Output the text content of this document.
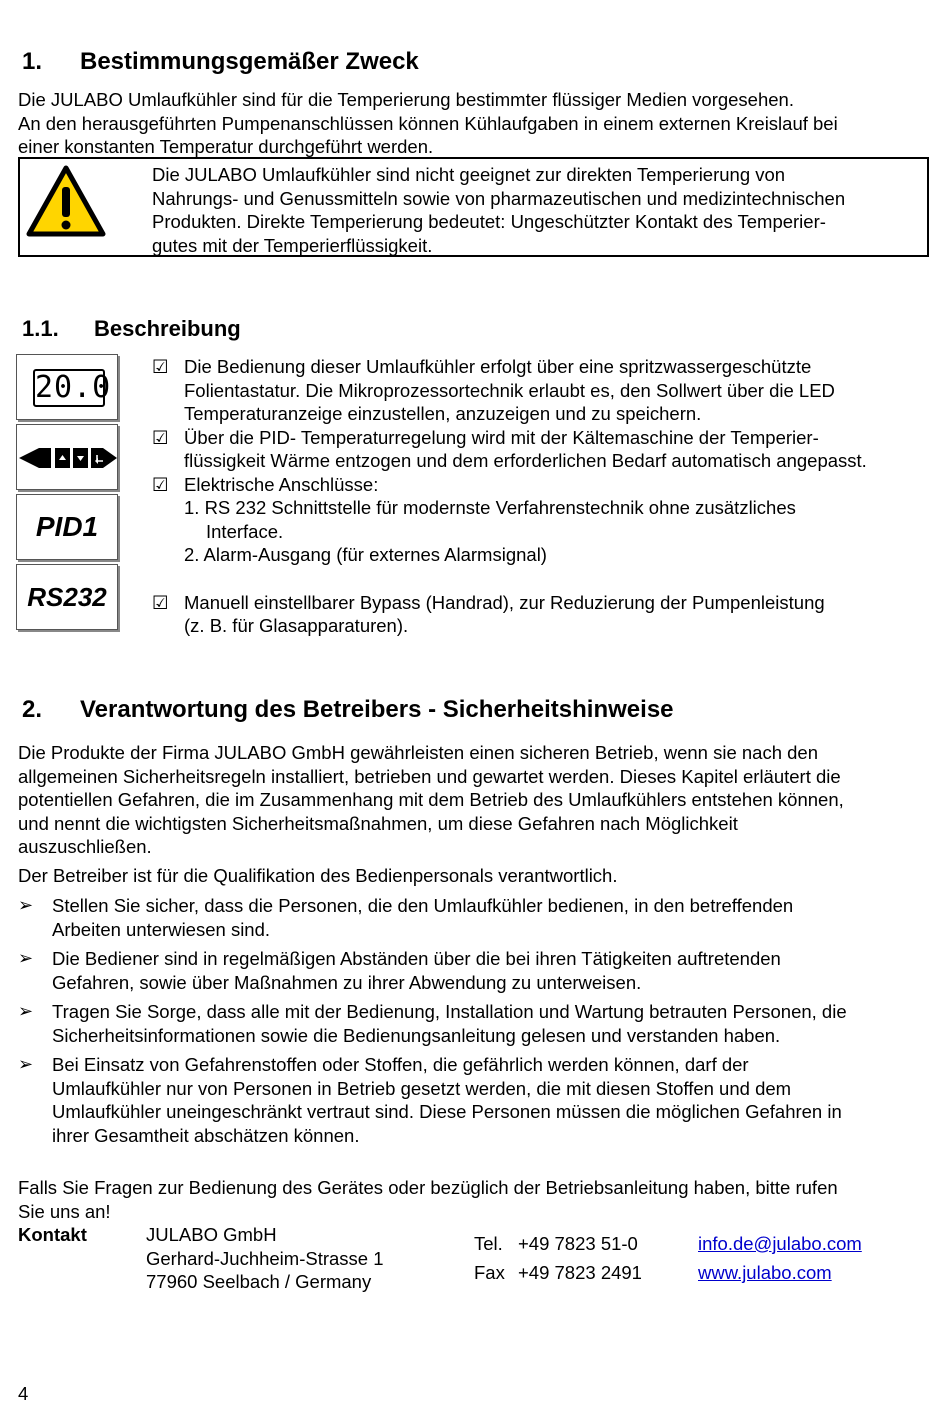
1. Bestimmungsgemäßer Zweck

Die JULABO Umlaufkühler sind für die Temperierung bestimmter flüssiger Medien vorgesehen.

An den herausgeführten Pumpenanschlüssen können Kühlaufgaben in einem externen Kreislauf bei

einer konstanten Temperatur durchgeführt werden.

Die JULABO Umlaufkühler sind nicht geeignet zur direkten Temperierung von

Nahrungs- und Genussmitteln sowie von pharmazeutischen und medizintechnischen

Produkten. Direkte Temperierung bedeutet: Ungeschützter Kontakt des Temperier-

gutes mit der Temperierflüssigkeit.

1.1. Beschreibung
20.0
PID1
RS232
☑ Die Bedienung dieser Umlaufkühler erfolgt über eine spritzwassergeschützte

Folientastatur. Die Mikroprozessortechnik erlaubt es, den Sollwert über die LED

Temperaturanzeige einzustellen, anzuzeigen und zu speichern.

☑ Über die PID- Temperaturregelung wird mit der Kältemaschine der Temperier-

flüssigkeit Wärme entzogen und dem erforderlichen Bedarf automatisch angepasst.

☑ Elektrische Anschlüsse:

1. RS 232 Schnittstelle für modernste Verfahrenstechnik ohne zusätzliches

Interface.

2. Alarm-Ausgang (für externes Alarmsignal)

☑ Manuell einstellbarer Bypass (Handrad), zur Reduzierung der Pumpenleistung

(z. B. für Glasapparaturen).

2. Verantwortung des Betreibers - Sicherheitshinweise

Die Produkte der Firma JULABO GmbH gewährleisten einen sicheren Betrieb, wenn sie nach den

allgemeinen Sicherheitsregeln installiert, betrieben und gewartet werden. Dieses Kapitel erläutert die

potentiellen Gefahren, die im Zusammenhang mit dem Betrieb des Umlaufkühlers entstehen können,

und nennt die wichtigsten Sicherheitsmaßnahmen, um diese Gefahren nach Möglichkeit

auszuschließen.

Der Betreiber ist für die Qualifikation des Bedienpersonals verantwortlich.

➢ Stellen Sie sicher, dass die Personen, die den Umlaufkühler bedienen, in den betreffenden

Arbeiten unterwiesen sind.

➢ Die Bediener sind in regelmäßigen Abständen über die bei ihren Tätigkeiten auftretenden

Gefahren, sowie über Maßnahmen zu ihrer Abwendung zu unterweisen.

➢ Tragen Sie Sorge, dass alle mit der Bedienung, Installation und Wartung betrauten Personen, die

Sicherheitsinformationen sowie die Bedienungsanleitung gelesen und verstanden haben.

➢ Bei Einsatz von Gefahrenstoffen oder Stoffen, die gefährlich werden können, darf der

Umlaufkühler nur von Personen in Betrieb gesetzt werden, die mit diesen Stoffen und dem

Umlaufkühler uneingeschränkt vertraut sind. Diese Personen müssen die möglichen Gefahren in

ihrer Gesamtheit abschätzen können.

Falls Sie Fragen zur Bedienung des Gerätes oder bezüglich der Betriebsanleitung haben, bitte rufen

Sie uns an!

Kontakt	JULABO GmbH

Gerhard-Juchheim-Strasse 1

77960 Seelbach / Germany

Tel.

Fax

+49 7823 51-0

+49 7823 2491

info.de@julabo.com

www.julabo.com

4
